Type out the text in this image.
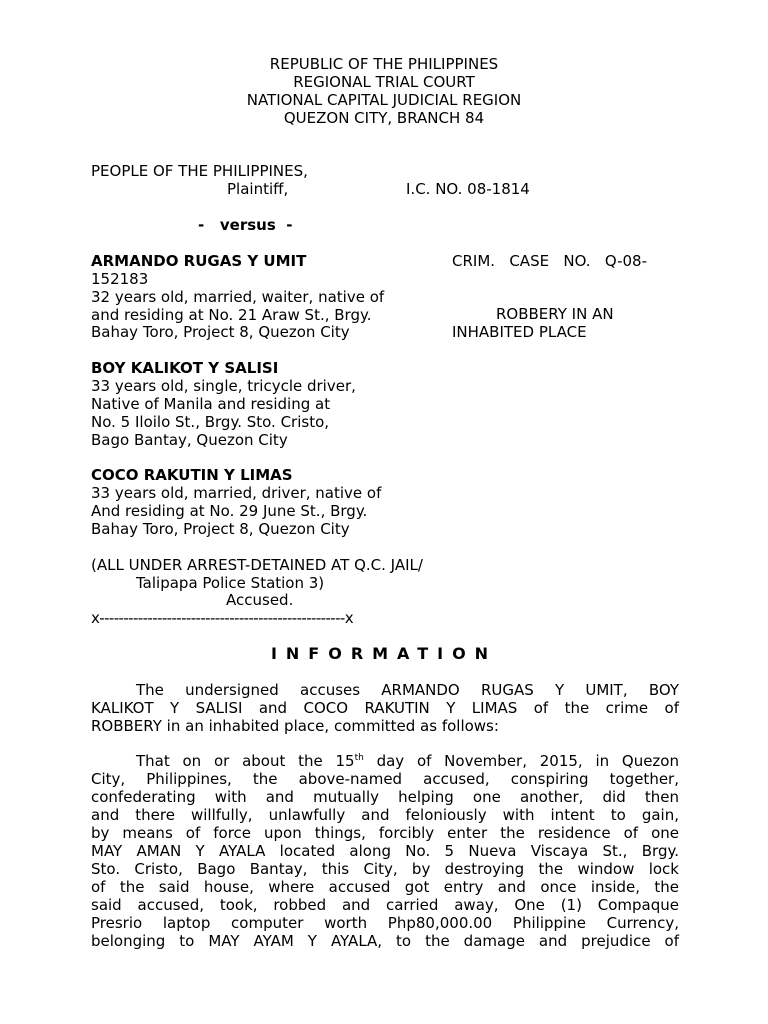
REPUBLIC OF THE PHILIPPINES

REGIONAL TRIAL COURT

NATIONAL CAPITAL JUDICIAL REGION

QUEZON CITY, BRANCH 84

PEOPLE OF THE PHILIPPINES,

Plaintiff,	I.C. NO. 08-1814

-   versus  -

ARMANDO RUGAS Y UMIT	CRIM.   CASE   NO.   Q-08-

152183

32 years old, married, waiter, native of

and residing at No. 21 Araw St., Brgy.

Bahay Toro, Project 8, Quezon City

ROBBERY IN AN

INHABITED PLACE

BOY KALIKOT Y SALISI

33 years old, single, tricycle driver,

Native of Manila and residing at

No. 5 Iloilo St., Brgy. Sto. Cristo,

Bago Bantay, Quezon City

COCO RAKUTIN Y LIMAS

33 years old, married, driver, native of

And residing at No. 29 June St., Brgy.

Bahay Toro, Project 8, Quezon City

(ALL UNDER ARREST-DETAINED AT Q.C. JAIL/

Talipapa Police Station 3)

Accused.

x---------------------------------------------------x

INFORMATION

The undersigned accuses ARMANDO RUGAS Y UMIT, BOY
KALIKOT Y SALISI and COCO RAKUTIN Y LIMAS of the crime of
ROBBERY in an inhabited place, committed as follows:
That on or about the 15th day of November, 2015, in Quezon
City, Philippines, the above-named accused, conspiring together,
confederating with and mutually helping one another, did then
and there willfully, unlawfully and feloniously with intent to gain,
by means of force upon things, forcibly enter the residence of one
MAY AMAN Y AYALA located along No. 5 Nueva Viscaya St., Brgy.
Sto. Cristo, Bago Bantay, this City, by destroying the window lock
of the said house, where accused got entry and once inside, the
said accused, took, robbed and carried away, One (1) Compaque
Presrio laptop computer worth Php80,000.00 Philippine Currency,
belonging to MAY AYAM Y AYALA, to the damage and prejudice of
